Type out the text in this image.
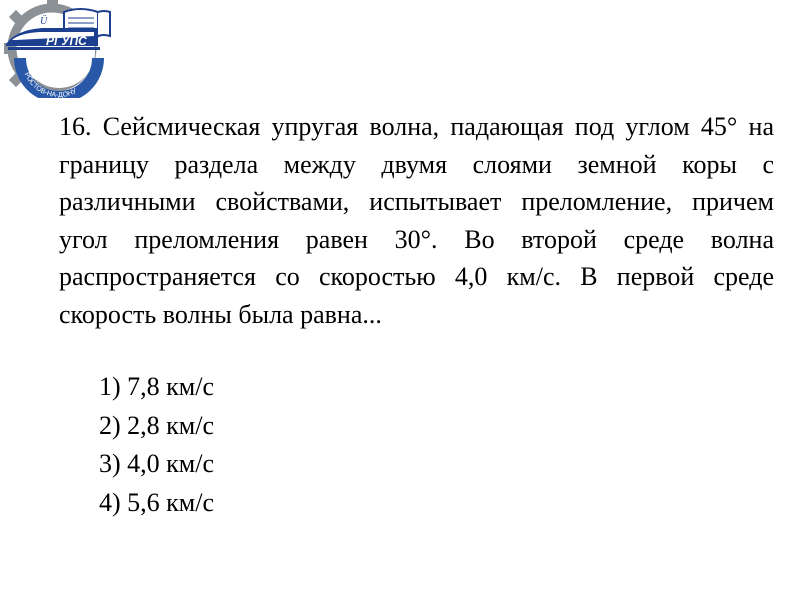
Ü
РГУПС
РОСТОВ-НА-ДОНУ

16. Сейсмическая упругая волна, падающая под углом 45° на границу раздела между двумя слоями земной коры с различными свойствами, испытывает преломление, причем угол преломления равен 30°. Во второй среде волна распространяется со скоростью 4,0 км/с. В первой среде скорость волны была равна...

1) 7,8 км/с
2) 2,8 км/с
3) 4,0 км/с
4) 5,6 км/с
